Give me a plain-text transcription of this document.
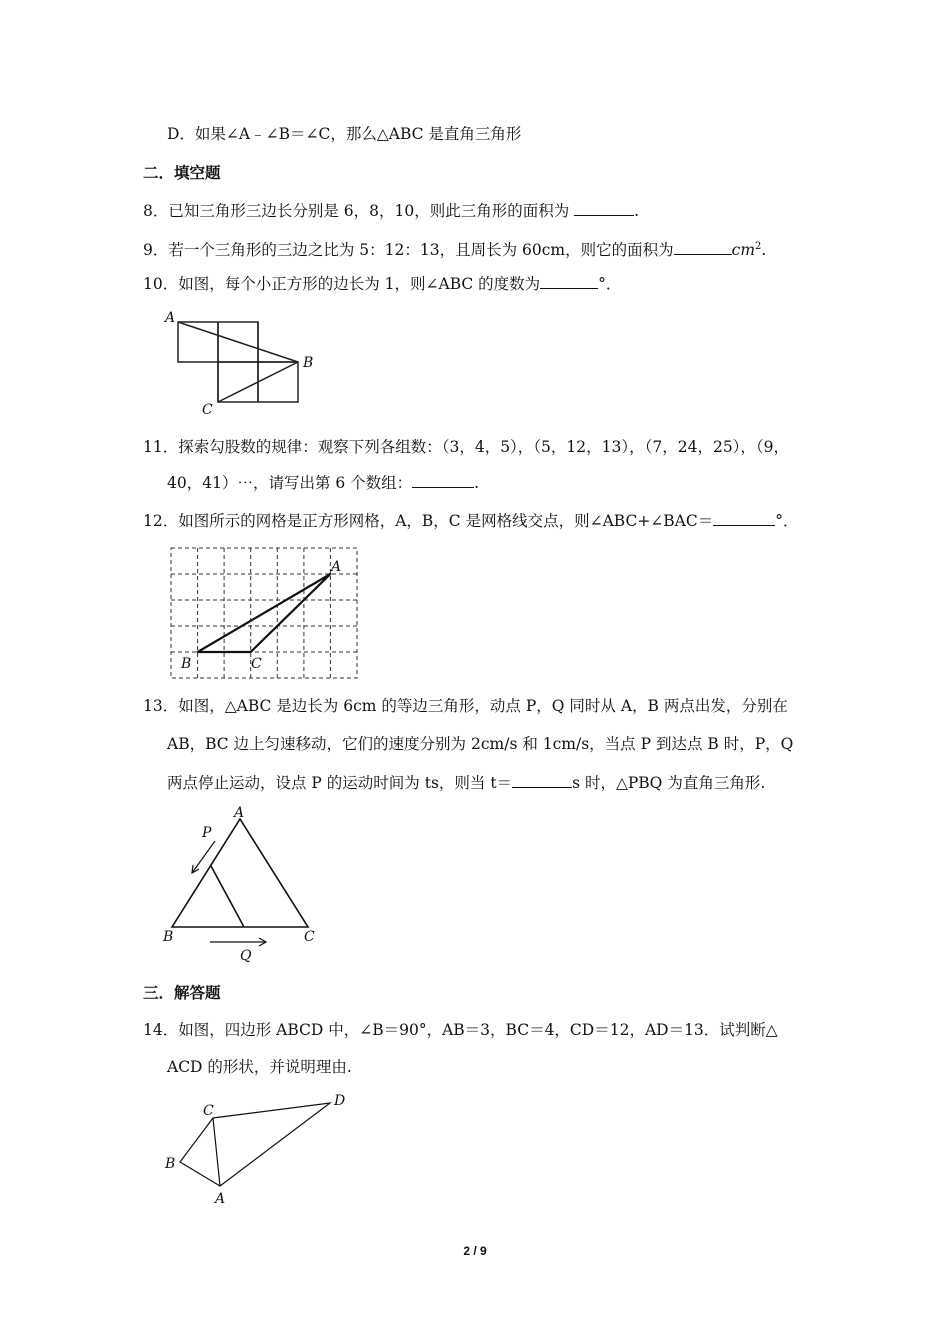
D．如果∠A﹣∠B＝∠C，那么△ABC 是直角三角形
二．填空题
8．已知三角形三边长分别是 6，8，10，则此三角形的面积为	.
9．若一个三角形的三边之比为 5：12：13，且周长为 60cm，则它的面积为	$cm^2$.
10．如图，每个小正方形的边长为 1，则∠ABC 的度数为	°．
A
B
C
11．探索勾股数的规律：观察下列各组数：（3，4，5），（5，12，13），（7，24，25），（9，
40，41）⋯，请写出第 6 个数组：	.
12．如图所示的网格是正方形网格，A，B，C 是网格线交点，则∠ABC+∠BAC＝	°．
B	C
A
13．如图，△ABC 是边长为 6cm 的等边三角形，动点 P，Q 同时从 A，B 两点出发，分别在
AB，BC 边上匀速移动，它们的速度分别为 2cm/s 和 1cm/s，当点 P 到达点 B 时，P，Q
两点停止运动，设点 P 的运动时间为 ts，则当 t＝	s 时，△PBQ 为直角三角形.
A
B	C
P
Q
三．解答题
14．如图，四边形 ABCD 中，∠B＝90°，AB＝3，BC＝4，CD＝12，AD＝13．试判断△
ACD 的形状，并说明理由.
C
D
B
A
2 / 9
